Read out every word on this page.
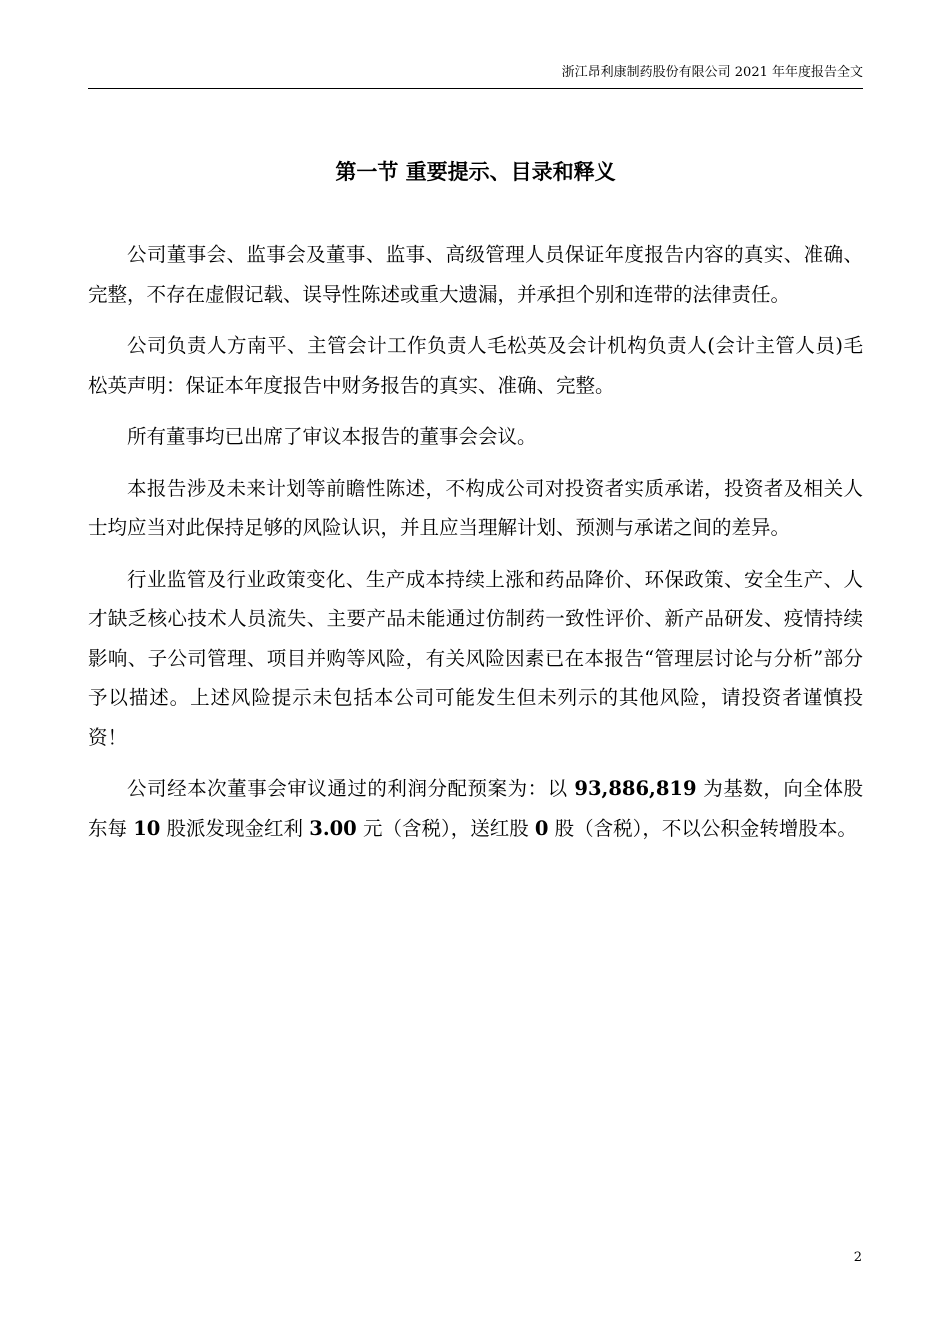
浙江昂利康制药股份有限公司 2021 年年度报告全文
第一节 重要提示、目录和释义

公司董事会、监事会及董事、监事、高级管理人员保证年度报告内容的真实、准确、完整，不存在虚假记载、误导性陈述或重大遗漏，并承担个别和连带的法律责任。

公司负责人方南平、主管会计工作负责人毛松英及会计机构负责人(会计主管人员)毛松英声明：保证本年度报告中财务报告的真实、准确、完整。

所有董事均已出席了审议本报告的董事会会议。

本报告涉及未来计划等前瞻性陈述，不构成公司对投资者实质承诺，投资者及相关人士均应当对此保持足够的风险认识，并且应当理解计划、预测与承诺之间的差异。

行业监管及行业政策变化、生产成本持续上涨和药品降价、环保政策、安全生产、人才缺乏核心技术人员流失、主要产品未能通过仿制药一致性评价、新产品研发、疫情持续影响、子公司管理、项目并购等风险，有关风险因素已在本报告“管理层讨论与分析”部分予以描述。上述风险提示未包括本公司可能发生但未列示的其他风险，请投资者谨慎投资！

公司经本次董事会审议通过的利润分配预案为：以 93,886,819 为基数，向全体股东每 10 股派发现金红利 3.00 元（含税），送红股 0 股（含税），不以公积金转增股本。

2
